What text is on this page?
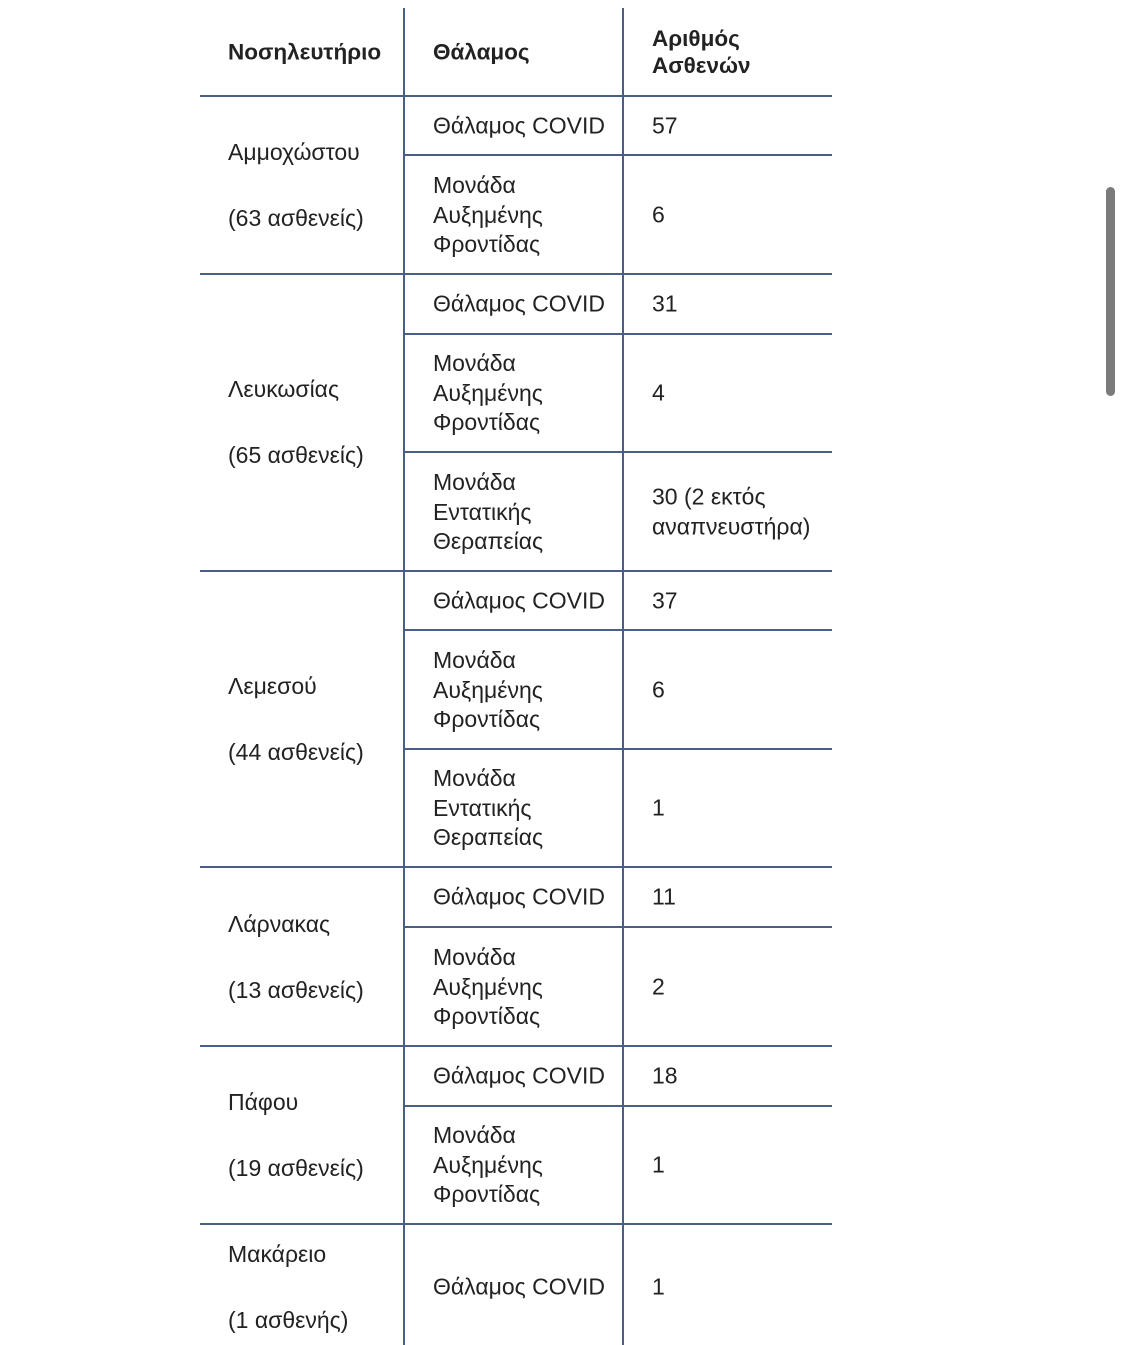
Νοσηλευτήριο Θάλαμος
Αριθμός
Ασθενών
Αμμοχώστου
(63 ασθενείς)
Θάλαμος COVID 57
Μονάδα
Αυξημένης
Φροντίδας
6
Λευκωσίας
(65 ασθενείς)
Θάλαμος COVID 31
Μονάδα
Αυξημένης
Φροντίδας
4
Μονάδα
Εντατικής
Θεραπείας
30 (2 εκτός
αναπνευστήρα)
Λεμεσού
(44 ασθενείς)
Θάλαμος COVID 37
Μονάδα
Αυξημένης
Φροντίδας
6
Μονάδα
Εντατικής
Θεραπείας
1
Λάρνακας
(13 ασθενείς)
Θάλαμος COVID 11
Μονάδα
Αυξημένης
Φροντίδας
2
Πάφου
(19 ασθενείς)
Θάλαμος COVID 18
Μονάδα
Αυξημένης
Φροντίδας
1
Μακάρειο
(1 ασθενής)
Θάλαμος COVID 1
